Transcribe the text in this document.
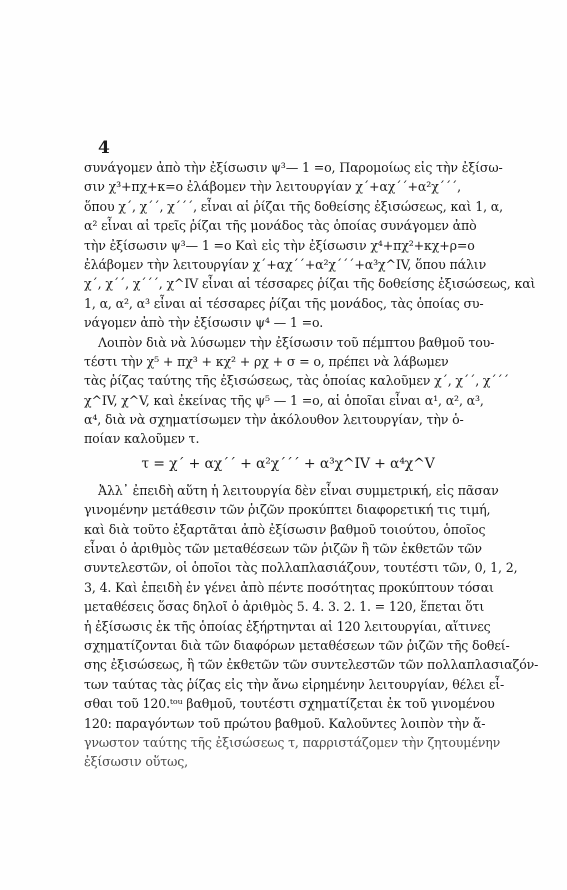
4
συνάγομεν ἀπὸ τὴν ἐξίσωσιν ψ³— 1 =o, Παρομοίως εἰς τὴν ἐξίσω-
σιν χ³+πχ+κ=o ἐλάβομεν τὴν λειτουργίαν χ΄+αχ΄΄+α²χ΄΄΄,
ὅπου χ΄, χ΄΄, χ΄΄΄, εἶναι αἱ ῥίζαι τῆς δοθείσης ἐξισώσεως, καὶ 1, α,
α² εἶναι αἱ τρεῖς ῥίζαι τῆς μονάδος τὰς ὁποίας συνάγομεν ἀπὸ
τὴν ἐξίσωσιν ψ³— 1 =o Καὶ εἰς τὴν ἐξίσωσιν χ⁴+πχ²+κχ+ρ=o
ἐλάβομεν τὴν λειτουργίαν χ΄+αχ΄΄+α²χ΄΄΄+α³χ^IV, ὅπου πάλιν
χ΄, χ΄΄, χ΄΄΄, χ^IV εἶναι αἱ τέσσαρες ῥίζαι τῆς δοθείσης ἐξισώσεως, καὶ
1, α, α², α³ εἶναι αἱ τέσσαρες ῥίζαι τῆς μονάδος, τὰς ὁποίας συ-
νάγομεν ἀπὸ τὴν ἐξίσωσιν ψ⁴ — 1 =o.
Λοιπὸν διὰ νὰ λύσωμεν τὴν ἐξίσωσιν τοῦ πέμπτου βαθμοῦ του-
τέστι τὴν χ⁵ + πχ³ + κχ² + ρχ + σ = o, πρέπει νὰ λάβωμεν
τὰς ῥίζας ταύτης τῆς ἐξισώσεως, τὰς ὁποίας καλοῦμεν χ΄, χ΄΄, χ΄΄΄
χ^IV, χ^V, καὶ ἐκείνας τῆς ψ⁵ — 1 =o, αἱ ὁποῖαι εἶναι α¹, α², α³,
α⁴, διὰ νὰ σχηματίσωμεν τὴν ἀκόλουθον λειτουργίαν, τὴν ὁ-
ποίαν καλοῦμεν τ.
τ = χ΄ + αχ΄΄ + α²χ΄΄΄ + α³χ^IV + α⁴χ^V
Ἀλλ᾽ ἐπειδὴ αὕτη ἡ λειτουργία δὲν εἶναι συμμετρική, εἰς πᾶσαν
γινομένην μετάθεσιν τῶν ῥιζῶν προκύπτει διαφορετική τις τιμή,
καὶ διὰ τοῦτο ἐξαρτᾶται ἀπὸ ἐξίσωσιν βαθμοῦ τοιούτου, ὁποῖος
εἶναι ὁ ἀριθμὸς τῶν μεταθέσεων τῶν ῥιζῶν ἢ τῶν ἐκθετῶν τῶν
συντελεστῶν, οἱ ὁποῖοι τὰς πολλαπλασιάζουν, τουτέστι τῶν, 0, 1, 2,
3, 4. Καὶ ἐπειδὴ ἐν γένει ἀπὸ πέντε ποσότητας προκύπτουν τόσαι
μεταθέσεις ὅσας δηλοῖ ὁ ἀριθμὸς 5. 4. 3. 2. 1. = 120, ἕπεται ὅτι
ἡ ἐξίσωσις ἐκ τῆς ὁποίας ἐξήρτηνται αἱ 120 λειτουργίαι, αἵτινες
σχηματίζονται διὰ τῶν διαφόρων μεταθέσεων τῶν ῥιζῶν τῆς δοθεί-
σης ἐξισώσεως, ἢ τῶν ἐκθετῶν τῶν συντελεστῶν τῶν πολλαπλασιαζόν-
των ταύτας τὰς ῥίζας εἰς τὴν ἄνω εἰρημένην λειτουργίαν, θέλει εἶ-
σθαι τοῦ 120.ᵗᵒᵘ βαθμοῦ, τουτέστι σχηματίζεται ἐκ τοῦ γινομένου
120: παραγόντων τοῦ πρώτου βαθμοῦ. Καλοῦντες λοιπὸν τὴν ἄ-
γνωστον ταύτης τῆς ἐξισώσεως τ, παρριστάζομεν τὴν ζητουμένην
ἐξίσωσιν οὕτως,
